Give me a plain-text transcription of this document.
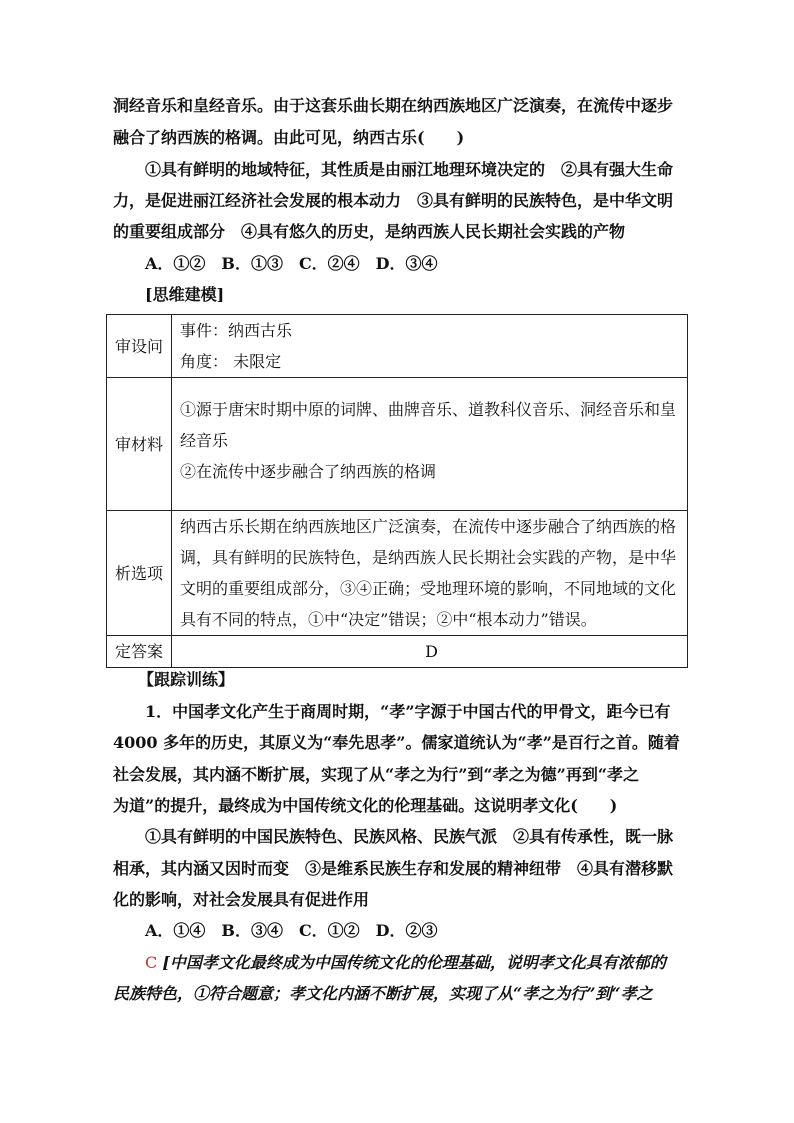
洞经音乐和皇经音乐。由于这套乐曲长期在纳西族地区广泛演奏，在流传中逐步
融合了纳西族的格调。由此可见，纳西古乐(　　)
①具有鲜明的地域特征，其性质是由丽江地理环境决定的　②具有强大生命
力，是促进丽江经济社会发展的根本动力　③具有鲜明的民族特色，是中华文明
的重要组成部分　④具有悠久的历史，是纳西族人民长期社会实践的产物
A．①②　B．①③　C．②④　D．③④
[思维建模]
审设问	事件：纳西古乐

角度： 未限定

审材料	①源于唐宋时期中原的词牌、曲牌音乐、道教科仪音乐、洞经音乐和皇

经音乐

②在流传中逐步融合了纳西族的格调

析选项	纳西古乐长期在纳西族地区广泛演奏，在流传中逐步融合了纳西族的格

调，具有鲜明的民族特色，是纳西族人民长期社会实践的产物，是中华

文明的重要组成部分，③④正确；受地理环境的影响，不同地域的文化

具有不同的特点，①中“决定”错误；②中“根本动力”错误。

定答案	D

【跟踪训练】
1．中国孝文化产生于商周时期，“孝”字源于中国古代的甲骨文，距今已有
4000 多年的历史，其原义为“奉先思孝”。儒家道统认为“孝”是百行之首。随着
社会发展，其内涵不断扩展，实现了从“孝之为行”到“孝之为德”再到“孝之
为道”的提升，最终成为中国传统文化的伦理基础。这说明孝文化(　　)
①具有鲜明的中国民族特色、民族风格、民族气派　②具有传承性，既一脉
相承，其内涵又因时而变　③是维系民族生存和发展的精神纽带　④具有潜移默
化的影响，对社会发展具有促进作用
A．①④　B．③④　C．①②　D．②③
C [中国孝文化最终成为中国传统文化的伦理基础，说明孝文化具有浓郁的
民族特色，①符合题意；孝文化内涵不断扩展，实现了从“孝之为行”到“孝之
